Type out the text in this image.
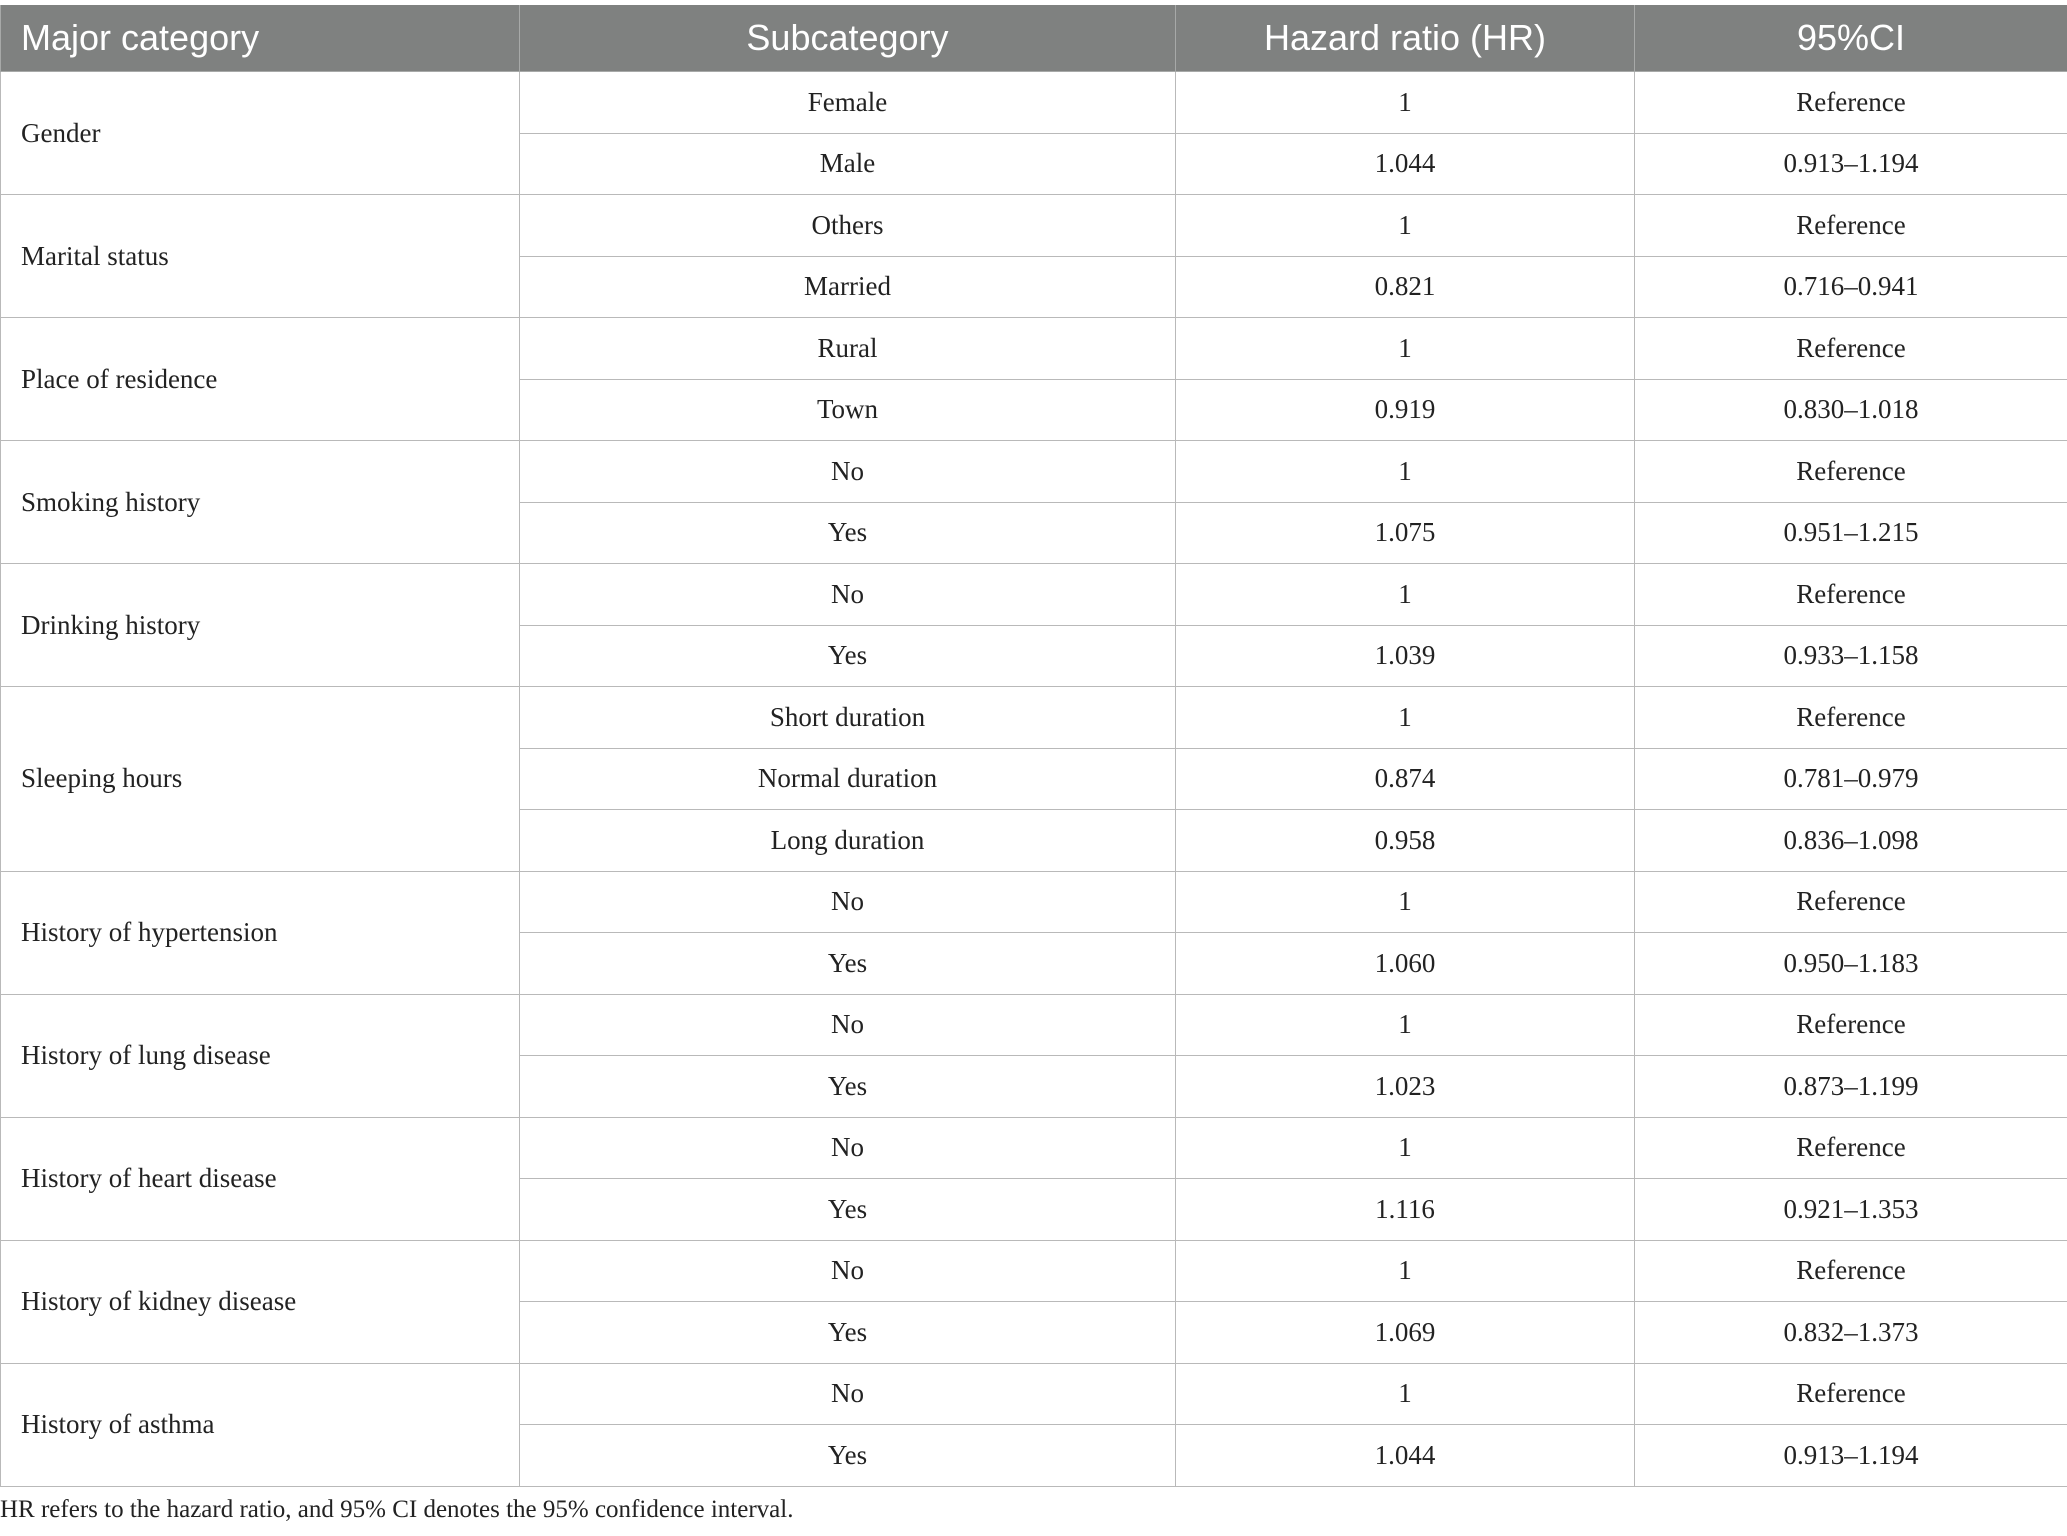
Major category	Subcategory	Hazard ratio (HR)	95%CI
Gender	Female	1	Reference
	Male	1.044	0.913–1.194
Marital status	Others	1	Reference
	Married	0.821	0.716–0.941
Place of residence	Rural	1	Reference
	Town	0.919	0.830–1.018
Smoking history	No	1	Reference
	Yes	1.075	0.951–1.215
Drinking history	No	1	Reference
	Yes	1.039	0.933–1.158
Sleeping hours	Short duration	1	Reference
	Normal duration	0.874	0.781–0.979
	Long duration	0.958	0.836–1.098
History of hypertension	No	1	Reference
	Yes	1.060	0.950–1.183
History of lung disease	No	1	Reference
	Yes	1.023	0.873–1.199
History of heart disease	No	1	Reference
	Yes	1.116	0.921–1.353
History of kidney disease	No	1	Reference
	Yes	1.069	0.832–1.373
History of asthma	No	1	Reference
	Yes	1.044	0.913–1.194
HR refers to the hazard ratio, and 95% CI denotes the 95% confidence interval.
